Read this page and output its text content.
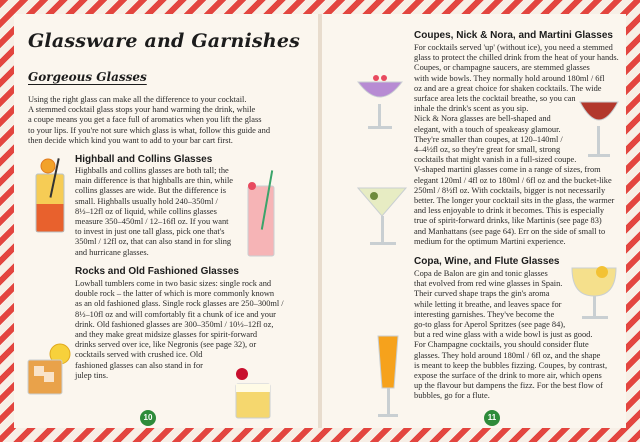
Glassware and Garnishes
Gorgeous Glasses

Using the right glass can make all the difference to your cocktail.
A stemmed cocktail glass stops your hand warming the drink, while
a coupe means you get a face full of aromatics when you lift the glass
to your lips. If you're not sure which glass is what, follow this guide and
then decide which kind you want to add to your bar cart first.

Highball and Collins Glasses

Highballs and collins glasses are both tall; the
main difference is that highballs are thin, while
collins glasses are wide. But the difference is
small. Highballs usually hold 240–350ml /
8½–12fl oz of liquid, while collins glasses
measure 350–450ml / 12–16fl oz. If you want
to invest in just one tall glass, pick one that's
350ml / 12fl oz, that can also stand in for sling
and hurricane glasses.

Rocks and Old Fashioned Glasses

Lowball tumblers come in two basic sizes: single rock and
double rock – the latter of which is more commonly known
as an old fashioned glass. Single rock glasses are 250–300ml /
8½–10fl oz and will comfortably fit a chunk of ice and your
drink. Old fashioned glasses are 300–350ml / 10½–12fl oz,
and they make great midsize glasses for spirit-forward
drinks served over ice, like Negronis (see page 32), or
cocktails served with crushed ice. Old
fashioned glasses can also stand in for
julep tins.

10
Coupes, Nick & Nora, and Martini Glasses

For cocktails served 'up' (without ice), you need a stemmed
glass to protect the chilled drink from the heat of your hands.
Coupes, or champagne saucers, are stemmed glasses
with wide bowls. They normally hold around 180ml / 6fl
oz and are a great choice for shaken cocktails. The wide
surface area lets the cocktail breathe, so you can
inhale the drink's scent as you sip.
Nick & Nora glasses are bell-shaped and
elegant, with a touch of speakeasy glamour.
They're smaller than coupes, at 120–140ml /
4–4½fl oz, so they're great for small, strong
cocktails that might vanish in a full-sized coupe.
V-shaped martini glasses come in a range of sizes, from
elegant 120ml / 4fl oz to 180ml / 6fl oz and the bucket-like
250ml / 8½fl oz. With cocktails, bigger is not necessarily
better. The longer your cocktail sits in the glass, the warmer
and less enjoyable to drink it becomes. This is especially
true of spirit-forward drinks, like Martinis (see page 83)
and Manhattans (see page 64). Err on the side of small to
medium for the optimum Martini experience.

Copa, Wine, and Flute Glasses

Copa de Balon are gin and tonic glasses
that evolved from red wine glasses in Spain.
Their curved shape traps the gin's aroma
while letting it breathe, and leaves space for
interesting garnishes. They've become the
go-to glass for Aperol Spritzes (see page 84),
but a red wine glass with a wide bowl is just as good.
For Champagne cocktails, you should consider flute
glasses. They hold around 180ml / 6fl oz, and the shape
is meant to keep the bubbles fizzing. Coupes, by contrast,
expose the surface of the drink to more air, which opens
up the flavour but dampens the fizz. For the best flow of
bubbles, go for a flute.

11
